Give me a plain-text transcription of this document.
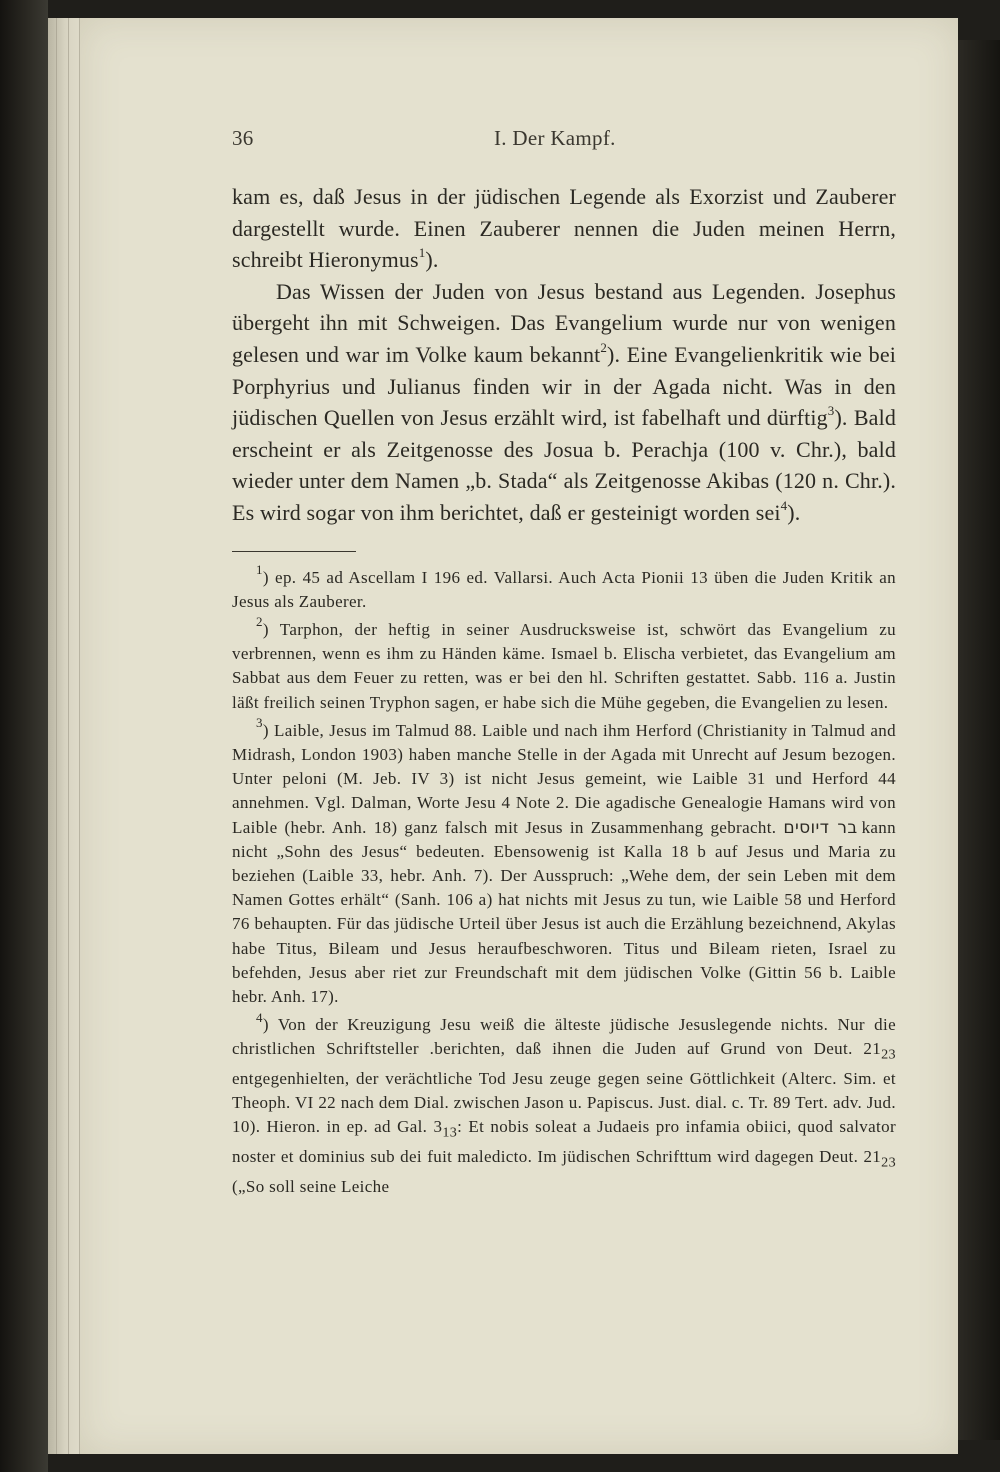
36	I. Der Kampf.

kam es, daß Jesus in der jüdischen Legende als Exorzist und Zauberer dargestellt wurde. Einen Zauberer nennen die Juden meinen Herrn, schreibt Hieronymus$^1$).

Das Wissen der Juden von Jesus bestand aus Legenden. Josephus übergeht ihn mit Schweigen. Das Evangelium wurde nur von wenigen gelesen und war im Volke kaum bekannt$^2$). Eine Evangelienkritik wie bei Porphyrius und Julianus finden wir in der Agada nicht. Was in den jüdischen Quellen von Jesus erzählt wird, ist fabelhaft und dürftig$^3$). Bald erscheint er als Zeitgenosse des Josua b. Perachja (100 v. Chr.), bald wieder unter dem Namen „b. Stada“ als Zeitgenosse Akibas (120 n. Chr.). Es wird sogar von ihm berichtet, daß er gesteinigt worden sei$^4$).

$^1$) ep. 45 ad Ascellam I 196 ed. Vallarsi. Auch Acta Pionii 13 üben die Juden Kritik an Jesus als Zauberer.

$^2$) Tarphon, der heftig in seiner Ausdrucksweise ist, schwört das Evangelium zu verbrennen, wenn es ihm zu Händen käme. Ismael b. Elischa verbietet, das Evangelium am Sabbat aus dem Feuer zu retten, was er bei den hl. Schriften gestattet. Sabb. 116 a. Justin läßt freilich seinen Tryphon sagen, er habe sich die Mühe gegeben, die Evangelien zu lesen.

$^3$) Laible, Jesus im Talmud 88. Laible und nach ihm Herford (Christianity in Talmud and Midrash, London 1903) haben manche Stelle in der Agada mit Unrecht auf Jesum bezogen. Unter peloni (M. Jeb. IV 3) ist nicht Jesus gemeint, wie Laible 31 und Herford 44 annehmen. Vgl. Dalman, Worte Jesu 4 Note 2. Die agadische Genealogie Hamans wird von Laible (hebr. Anh. 18) ganz falsch mit Jesus in Zusammenhang gebracht. בר דיוסים kann nicht „Sohn des Jesus“ bedeuten. Ebensowenig ist Kalla 18 b auf Jesus und Maria zu beziehen (Laible 33, hebr. Anh. 7). Der Ausspruch: „Wehe dem, der sein Leben mit dem Namen Gottes erhält“ (Sanh. 106 a) hat nichts mit Jesus zu tun, wie Laible 58 und Herford 76 behaupten. Für das jüdische Urteil über Jesus ist auch die Erzählung bezeichnend, Akylas habe Titus, Bileam und Jesus heraufbeschworen. Titus und Bileam rieten, Israel zu befehden, Jesus aber riet zur Freundschaft mit dem jüdischen Volke (Gittin 56 b. Laible hebr. Anh. 17).

$^4$) Von der Kreuzigung Jesu weiß die älteste jüdische Jesuslegende nichts. Nur die christlichen Schriftsteller .berichten, daß ihnen die Juden auf Grund von Deut. $21_{23}$ entgegenhielten, der verächtliche Tod Jesu zeuge gegen seine Göttlichkeit (Alterc. Sim. et Theoph. VI 22 nach dem Dial. zwischen Jason u. Papiscus. Just. dial. c. Tr. 89 Tert. adv. Jud. 10). Hieron. in ep. ad Gal. $3_{13}$: Et nobis soleat a Judaeis pro infamia obiici, quod salvator noster et dominius sub dei fuit maledicto. Im jüdischen Schrifttum wird dagegen Deut. $21_{23}$ („So soll seine Leiche
